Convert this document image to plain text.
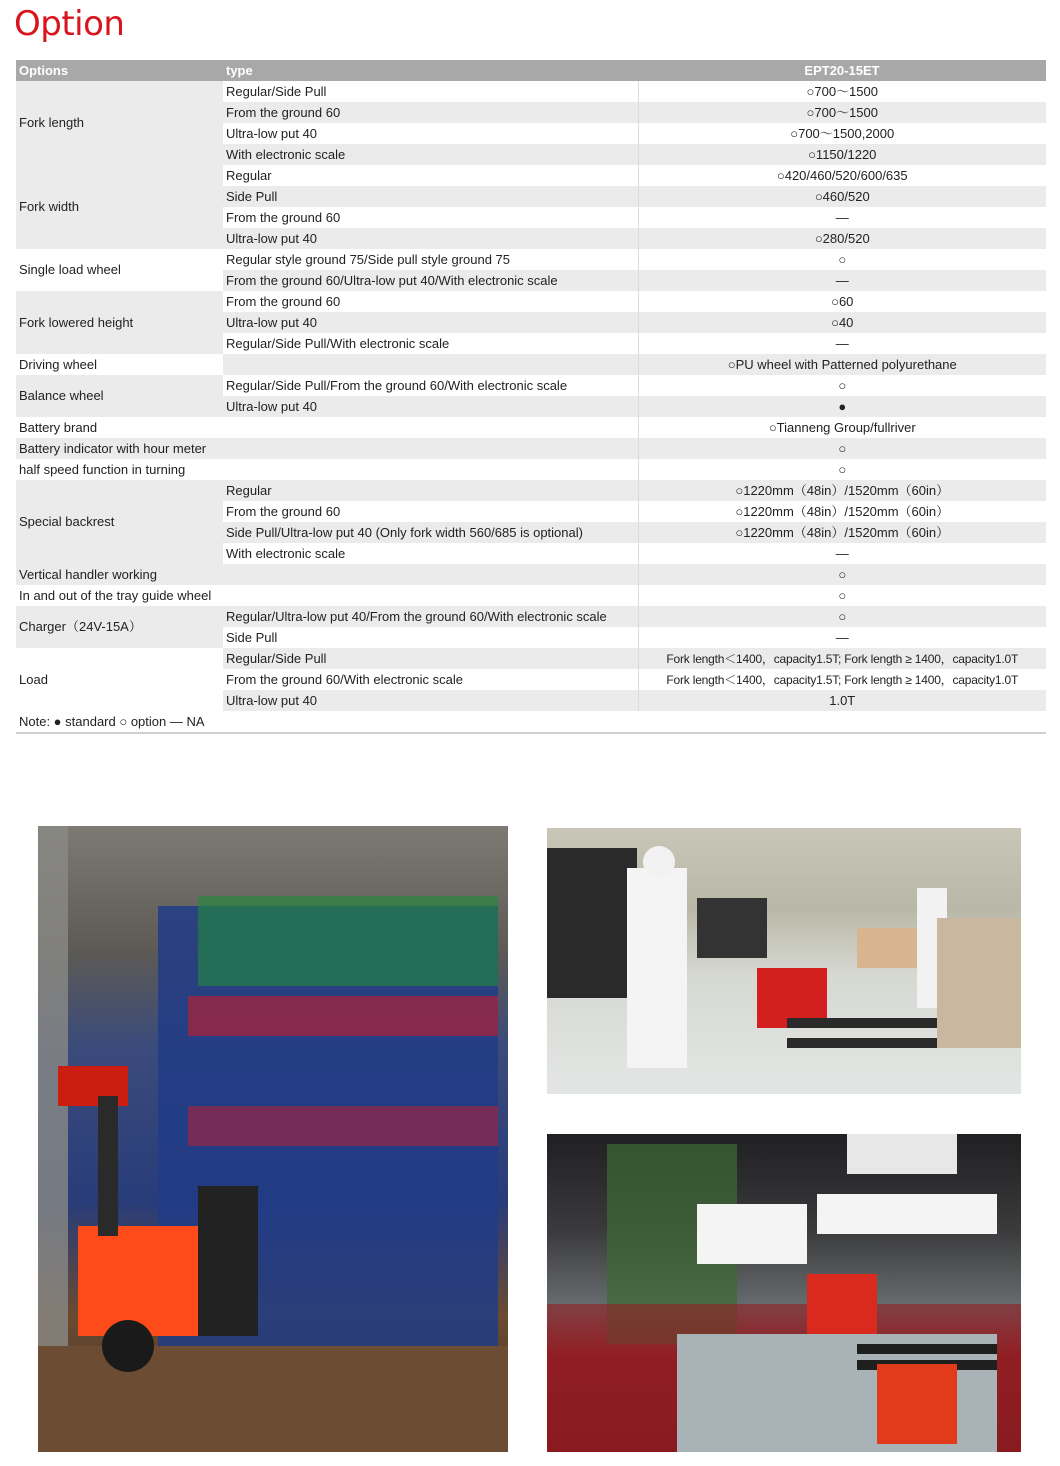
Option
Options	type	EPT20-15ET
Fork length	Regular/Side Pull	○700～1500
	From the ground 60	○700～1500
	Ultra-low put 40	○700～1500,2000
	With electronic scale	○1150/1220
Fork width	Regular	○420/460/520/600/635
	Side Pull	○460/520
	From the ground 60	—
	Ultra-low put 40	○280/520
Single load wheel	Regular style ground 75/Side pull style ground 75	○
	From the ground 60/Ultra-low put 40/With electronic scale	—
Fork lowered height	From the ground 60	○60
	Ultra-low put 40	○40
	Regular/Side Pull/With electronic scale	—
Driving wheel		○PU wheel with Patterned polyurethane
Balance wheel	Regular/Side Pull/From the ground 60/With electronic scale	○
	Ultra-low put 40	●
Battery brand		○Tianneng Group/fullriver
Battery indicator with hour meter		○
half speed function in turning		○
Special backrest	Regular	○1220mm（48in）/1520mm（60in）
	From the ground 60	○1220mm（48in）/1520mm（60in）
	Side Pull/Ultra-low put 40 (Only fork width 560/685 is optional)	○1220mm（48in）/1520mm（60in）
	With electronic scale	—
Vertical handler working		○
In and out of the tray guide wheel		○
Charger（24V-15A）	Regular/Ultra-low put 40/From the ground 60/With electronic scale	○
	Side Pull	—
Load	Regular/Side Pull	Fork length＜1400，capacity1.5T; Fork length ≥ 1400，capacity1.0T
	From the ground 60/With electronic scale	Fork length＜1400，capacity1.5T; Fork length ≥ 1400，capacity1.0T
	Ultra-low put 40	1.0T
Note: ● standard ○ option — NA		
